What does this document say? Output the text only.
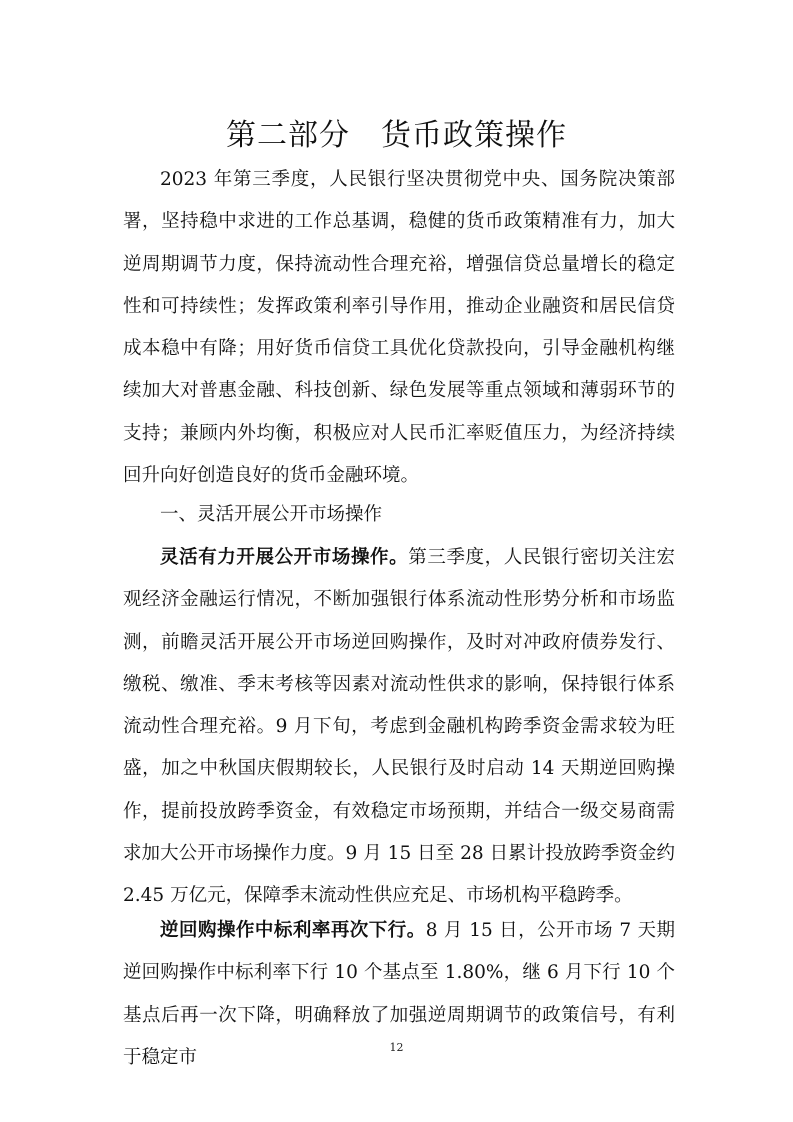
第二部分　货币政策操作

2023 年第三季度，人民银行坚决贯彻党中央、国务院决策部署，坚持稳中求进的工作总基调，稳健的货币政策精准有力，加大逆周期调节力度，保持流动性合理充裕，增强信贷总量增长的稳定性和可持续性；发挥政策利率引导作用，推动企业融资和居民信贷成本稳中有降；用好货币信贷工具优化贷款投向，引导金融机构继续加大对普惠金融、科技创新、绿色发展等重点领域和薄弱环节的支持；兼顾内外均衡，积极应对人民币汇率贬值压力，为经济持续回升向好创造良好的货币金融环境。

一、灵活开展公开市场操作

灵活有力开展公开市场操作。第三季度，人民银行密切关注宏观经济金融运行情况，不断加强银行体系流动性形势分析和市场监测，前瞻灵活开展公开市场逆回购操作，及时对冲政府债券发行、缴税、缴准、季末考核等因素对流动性供求的影响，保持银行体系流动性合理充裕。9 月下旬，考虑到金融机构跨季资金需求较为旺盛，加之中秋国庆假期较长，人民银行及时启动 14 天期逆回购操作，提前投放跨季资金，有效稳定市场预期，并结合一级交易商需求加大公开市场操作力度。9 月 15 日至 28 日累计投放跨季资金约 2.45 万亿元，保障季末流动性供应充足、市场机构平稳跨季。

逆回购操作中标利率再次下行。8 月 15 日，公开市场 7 天期逆回购操作中标利率下行 10 个基点至 1.80%，继 6 月下行 10 个基点后再一次下降，明确释放了加强逆周期调节的政策信号，有利于稳定市	12
